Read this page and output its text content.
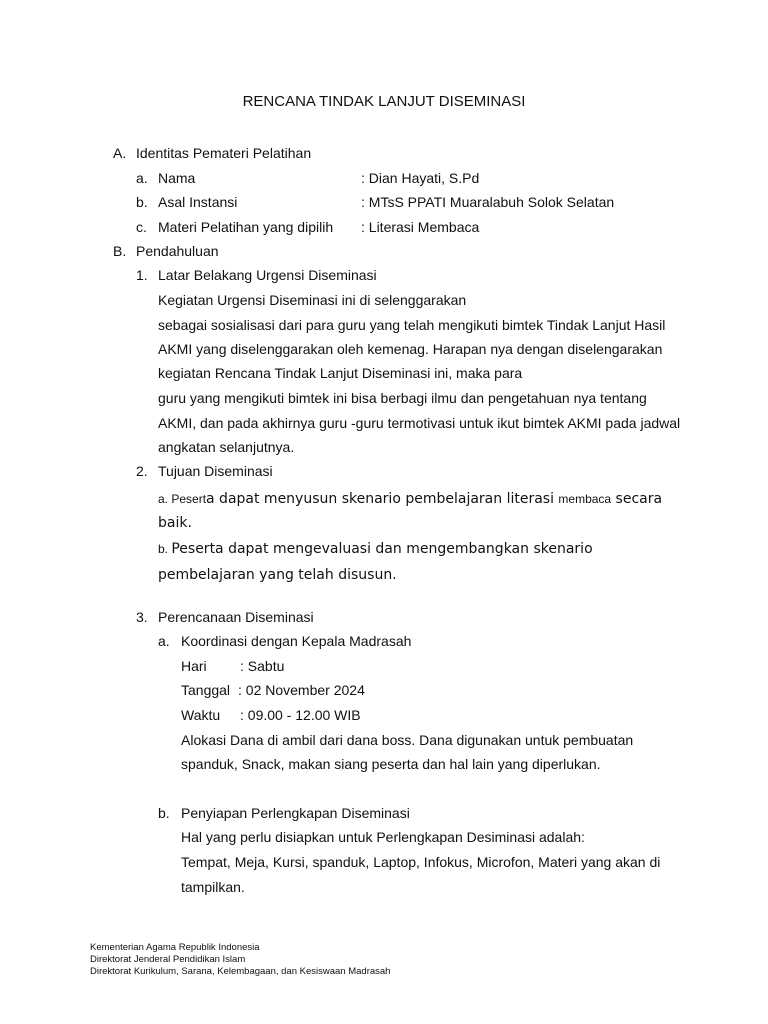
RENCANA TINDAK LANJUT DISEMINASI
A. Identitas Pemateri Pelatihan
a. Nama	: Dian Hayati, S.Pd
b. Asal Instansi	: MTsS PPATI Muaralabuh Solok Selatan
c. Materi Pelatihan yang dipilih : Literasi Membaca
B. Pendahuluan
1. Latar Belakang Urgensi Diseminasi
Kegiatan Urgensi Diseminasi ini di selenggarakan
sebagai sosialisasi dari para guru yang telah mengikuti bimtek Tindak Lanjut Hasil
AKMI yang diselenggarakan oleh kemenag. Harapan nya dengan diselengarakan
kegiatan Rencana Tindak Lanjut Diseminasi ini, maka para
guru yang mengikuti bimtek ini bisa berbagi ilmu dan pengetahuan nya tentang
AKMI, dan pada akhirnya guru -guru termotivasi untuk ikut bimtek AKMI pada jadwal
angkatan selanjutnya.
2. Tujuan Diseminasi
a. Peserta dapat menyusun skenario pembelajaran literasi membaca secara
baik.
b. Peserta dapat mengevaluasi dan mengembangkan skenario
pembelajaran yang telah disusun.
3. Perencanaan Diseminasi
a. Koordinasi dengan Kepala Madrasah
Hari : Sabtu
Tanggal : 02 November 2024
Waktu : 09.00 - 12.00 WIB
Alokasi Dana di ambil dari dana boss. Dana digunakan untuk pembuatan
spanduk, Snack, makan siang peserta dan hal lain yang diperlukan.
b. Penyiapan Perlengkapan Diseminasi
Hal yang perlu disiapkan untuk Perlengkapan Desiminasi adalah:
Tempat, Meja, Kursi, spanduk, Laptop, Infokus, Microfon, Materi yang akan di
tampilkan.
Kementerian Agama Republik Indonesia
Direktorat Jenderal Pendidikan Islam
Direktorat Kurikulum, Sarana, Kelembagaan, dan Kesiswaan Madrasah
